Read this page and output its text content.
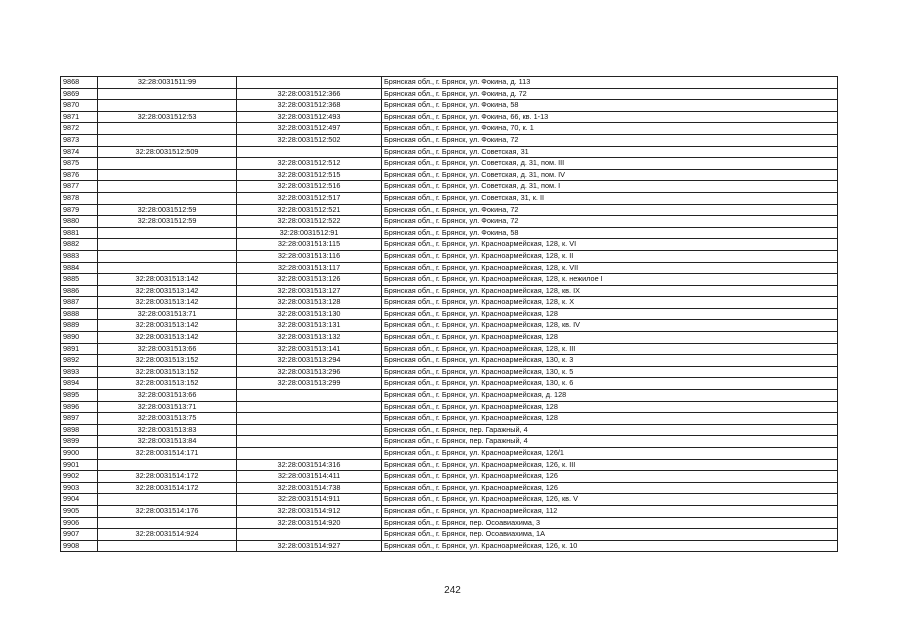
9868	32:28:0031511:99		Брянская обл., г. Брянск, ул. Фокина, д. 113
9869		32:28:0031512:366	Брянская обл., г. Брянск, ул. Фокина, д. 72
9870		32:28:0031512:368	Брянская обл., г. Брянск, ул. Фокина, 58
9871	32:28:0031512:53	32:28:0031512:493	Брянская обл., г. Брянск, ул. Фокина, 66, кв. 1-13
9872		32:28:0031512:497	Брянская обл., г. Брянск, ул. Фокина, 70, к. 1
9873		32:28:0031512:502	Брянская обл., г. Брянск, ул. Фокина, 72
9874	32:28:0031512:509		Брянская обл., г. Брянск, ул. Советская, 31
9875		32:28:0031512:512	Брянская обл., г. Брянск, ул. Советская, д. 31, пом. III
9876		32:28:0031512:515	Брянская обл., г. Брянск, ул. Советская, д. 31, пом. IV
9877		32:28:0031512:516	Брянская обл., г. Брянск, ул. Советская, д. 31, пом. I
9878		32:28:0031512:517	Брянская обл., г. Брянск, ул. Советская, 31, к. II
9879	32:28:0031512:59	32:28:0031512:521	Брянская обл., г. Брянск, ул. Фокина, 72
9880	32:28:0031512:59	32:28:0031512:522	Брянская обл., г. Брянск, ул. Фокина, 72
9881		32:28:0031512:91	Брянская обл., г. Брянск, ул. Фокина, 58
9882		32:28:0031513:115	Брянская обл., г. Брянск, ул. Красноармейская, 128, к. VI
9883		32:28:0031513:116	Брянская обл., г. Брянск, ул. Красноармейская, 128, к. II
9884		32:28:0031513:117	Брянская обл., г. Брянск, ул. Красноармейская, 128, к. VII
9885	32:28:0031513:142	32:28:0031513:126	Брянская обл., г. Брянск, ул. Красноармейская, 128, к. нежилое I
9886	32:28:0031513:142	32:28:0031513:127	Брянская обл., г. Брянск, ул. Красноармейская, 128, кв. IX
9887	32:28:0031513:142	32:28:0031513:128	Брянская обл., г. Брянск, ул. Красноармейская, 128, к. X
9888	32:28:0031513:71	32:28:0031513:130	Брянская обл., г. Брянск, ул. Красноармейская, 128
9889	32:28:0031513:142	32:28:0031513:131	Брянская обл., г. Брянск, ул. Красноармейская, 128, кв. IV
9890	32:28:0031513:142	32:28:0031513:132	Брянская обл., г. Брянск, ул. Красноармейская, 128
9891	32:28:0031513:66	32:28:0031513:141	Брянская обл., г. Брянск, ул. Красноармейская, 128, к. III
9892	32:28:0031513:152	32:28:0031513:294	Брянская обл., г. Брянск, ул. Красноармейская, 130, к. 3
9893	32:28:0031513:152	32:28:0031513:296	Брянская обл., г. Брянск, ул. Красноармейская, 130, к. 5
9894	32:28:0031513:152	32:28:0031513:299	Брянская обл., г. Брянск, ул. Красноармейская, 130, к. 6
9895	32:28:0031513:66		Брянская обл., г. Брянск, ул. Красноармейская, д. 128
9896	32:28:0031513:71		Брянская обл., г. Брянск, ул. Красноармейская, 128
9897	32:28:0031513:75		Брянская обл., г. Брянск, ул. Красноармейская, 128
9898	32:28:0031513:83		Брянская обл., г. Брянск, пер. Гаражный, 4
9899	32:28:0031513:84		Брянская обл., г. Брянск, пер. Гаражный, 4
9900	32:28:0031514:171		Брянская обл., г. Брянск, ул. Красноармейская, 126/1
9901		32:28:0031514:316	Брянская обл., г. Брянск, ул. Красноармейская, 126, к. III
9902	32:28:0031514:172	32:28:0031514:411	Брянская обл., г. Брянск, ул. Красноармейская, 126
9903	32:28:0031514:172	32:28:0031514:738	Брянская обл., г. Брянск, ул. Красноармейская, 126
9904		32:28:0031514:911	Брянская обл., г. Брянск, ул. Красноармейская, 126, кв. V
9905	32:28:0031514:176	32:28:0031514:912	Брянская обл., г. Брянск, ул. Красноармейская, 112
9906		32:28:0031514:920	Брянская обл., г. Брянск, пер. Осоавиахима, 3
9907	32:28:0031514:924		Брянская обл., г. Брянск, пер. Осоавиахима, 1А
9908		32:28:0031514:927	Брянская обл., г. Брянск, ул. Красноармейская, 126, к. 10
242
